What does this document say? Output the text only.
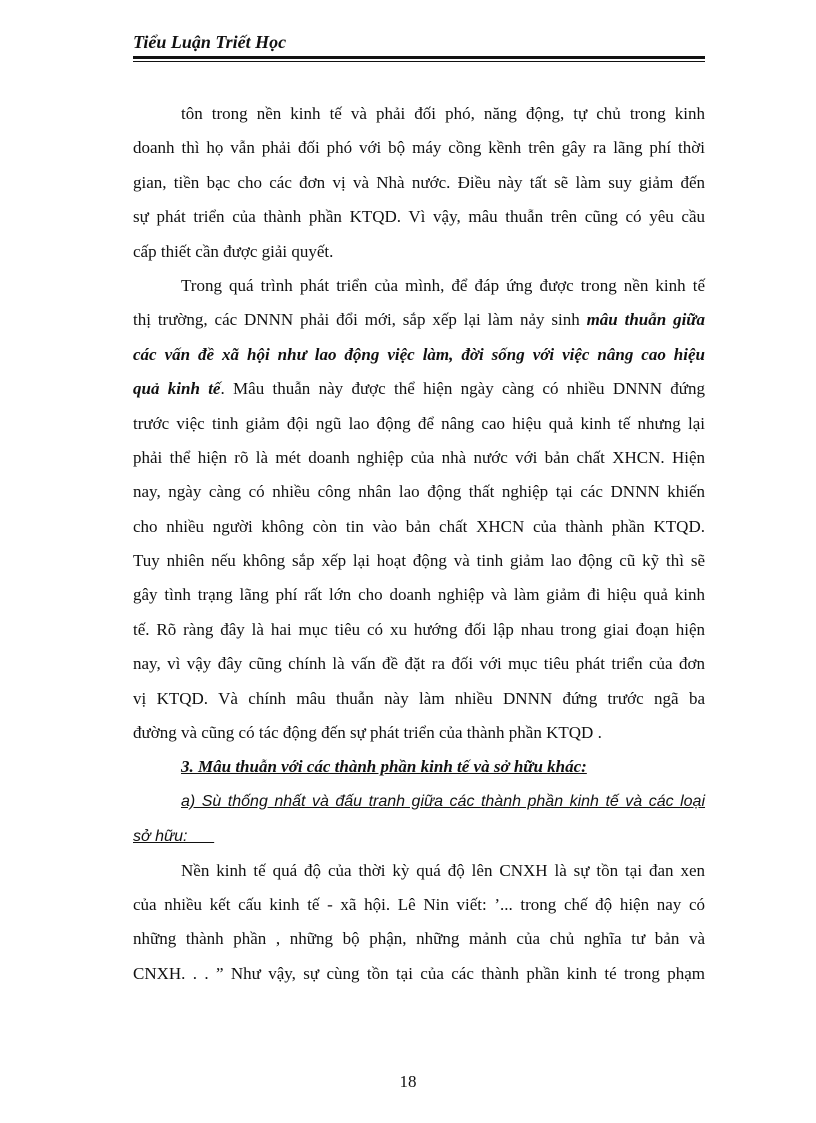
Tiểu Luận Triết Học
tôn trong nền kinh tế và phải đối phó, năng động, tự chủ trong kinh
doanh thì họ vẫn phải đối phó với bộ máy cồng kềnh trên gây ra lãng phí thời
gian, tiền bạc cho các đơn vị và Nhà nước. Điều này tất sẽ làm suy giảm đến
sự phát triển của thành phần KTQD. Vì vậy, mâu thuẫn trên cũng có yêu cầu
cấp thiết cần được giải quyết.
Trong quá trình phát triển của mình, để đáp ứng được trong nền kinh tế
thị trường, các DNNN phải đổi mới, sắp xếp lại làm nảy sinh mâu thuẫn giữa
các vấn đề xã hội như lao động việc làm, đời sống với việc nâng cao hiệu
quả kinh tế. Mâu thuẫn này được thể hiện ngày càng có nhiều DNNN đứng
trước việc tinh giảm đội ngũ lao động để nâng cao hiệu quả kinh tế nhưng lại
phải thể hiện rõ là mét doanh nghiệp của nhà nước với bản chất XHCN. Hiện
nay, ngày càng có nhiều công nhân lao động thất nghiệp tại các DNNN khiến
cho nhiều người không còn tin vào bản chất XHCN của thành phần KTQD.
Tuy nhiên nếu không sắp xếp lại hoạt động và tinh giảm lao động cũ kỹ thì sẽ
gây tình trạng lãng phí rất lớn cho doanh nghiệp và làm giảm đi hiệu quả kinh
tế. Rõ ràng đây là hai mục tiêu có xu hướng đối lập nhau trong giai đoạn hiện
nay, vì vậy đây cũng chính là vấn đề đặt ra đối với mục tiêu phát triển của đơn
vị KTQD. Và chính mâu thuẫn này làm nhiều DNNN đứng trước ngã ba
đường và cũng có tác động đến sự phát triển của thành phần KTQD .
3. Mâu thuẫn với các thành phần kinh tế và sở hữu khác:
a) Sù thống nhất và đấu tranh giữa các thành phần kinh tế và các loại
sở hữu:
Nền kinh tế quá độ của thời kỳ quá độ lên CNXH là sự tồn tại đan xen
của nhiều kết cấu kinh tế - xã hội. Lê Nin viết: ’... trong chế độ hiện nay có
những thành phần , những bộ phận, những mảnh của chủ nghĩa tư bản và
CNXH. . . ” Như vậy, sự cùng tồn tại của các thành phần kinh té trong phạm
18
